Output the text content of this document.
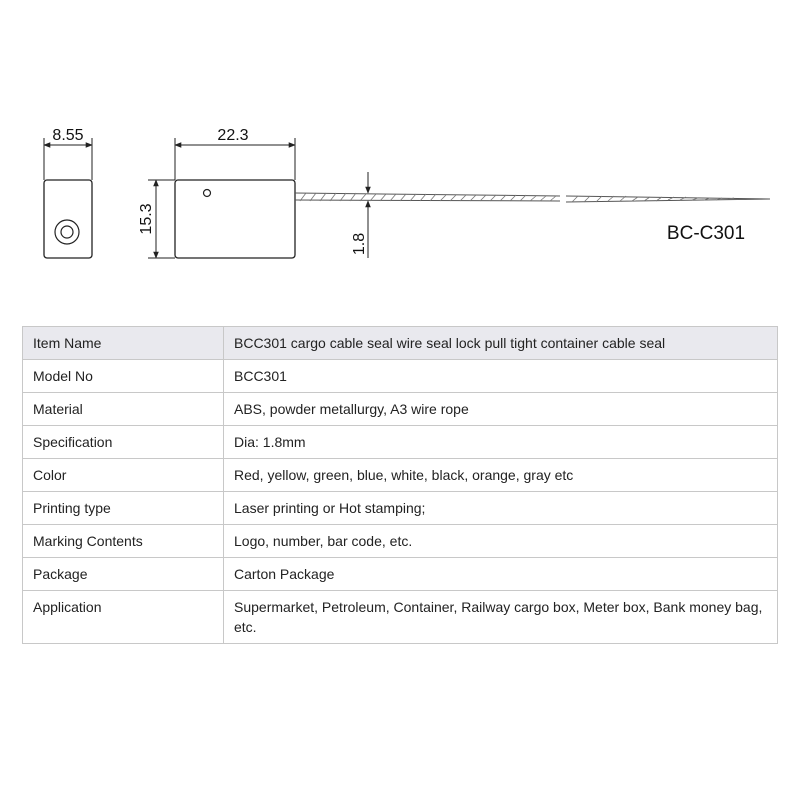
8.55	22.3
15.3
1.8	BC-C301
Item Name	BCC301 cargo cable seal wire seal lock pull tight container cable seal
Model No	BCC301
Material	ABS, powder metallurgy, A3 wire rope
Specification	Dia: 1.8mm
Color	Red, yellow, green, blue, white, black, orange, gray etc
Printing type	Laser printing or Hot stamping;
Marking Contents	Logo, number, bar code, etc.
Package	Carton Package
Application	Supermarket, Petroleum, Container, Railway cargo box, Meter box, Bank money bag, etc.
